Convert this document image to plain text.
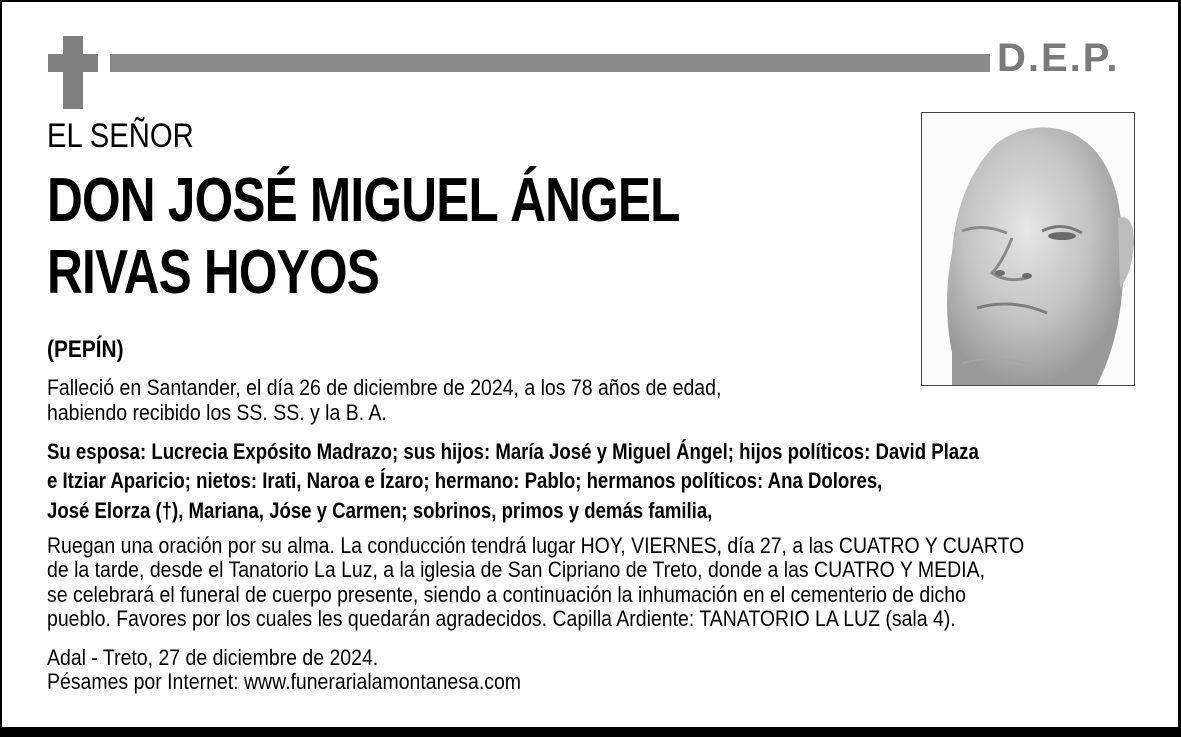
D.E.P.
EL SEÑOR
DON JOSÉ MIGUEL ÁNGEL
RIVAS HOYOS
(PEPÍN)
Falleció en Santander, el día 26 de diciembre de 2024, a los 78 años de edad,
habiendo recibido los SS. SS. y la B. A.
Su esposa: Lucrecia Expósito Madrazo; sus hijos: María José y Miguel Ángel; hijos políticos: David Plaza
e Itziar Aparicio; nietos: Irati, Naroa e Ízaro; hermano: Pablo; hermanos políticos: Ana Dolores,
José Elorza (†), Mariana, Jóse y Carmen; sobrinos, primos y demás familia,
Ruegan una oración por su alma. La conducción tendrá lugar HOY, VIERNES, día 27, a las CUATRO Y CUARTO
de la tarde, desde el Tanatorio La Luz, a la iglesia de San Cipriano de Treto, donde a las CUATRO Y MEDIA,
se celebrará el funeral de cuerpo presente, siendo a continuación la inhumación en el cementerio de dicho
pueblo. Favores por los cuales les quedarán agradecidos. Capilla Ardiente: TANATORIO LA LUZ (sala 4).
Adal - Treto, 27 de diciembre de 2024.
Pésames por Internet: www.funerarialamontanesa.com
